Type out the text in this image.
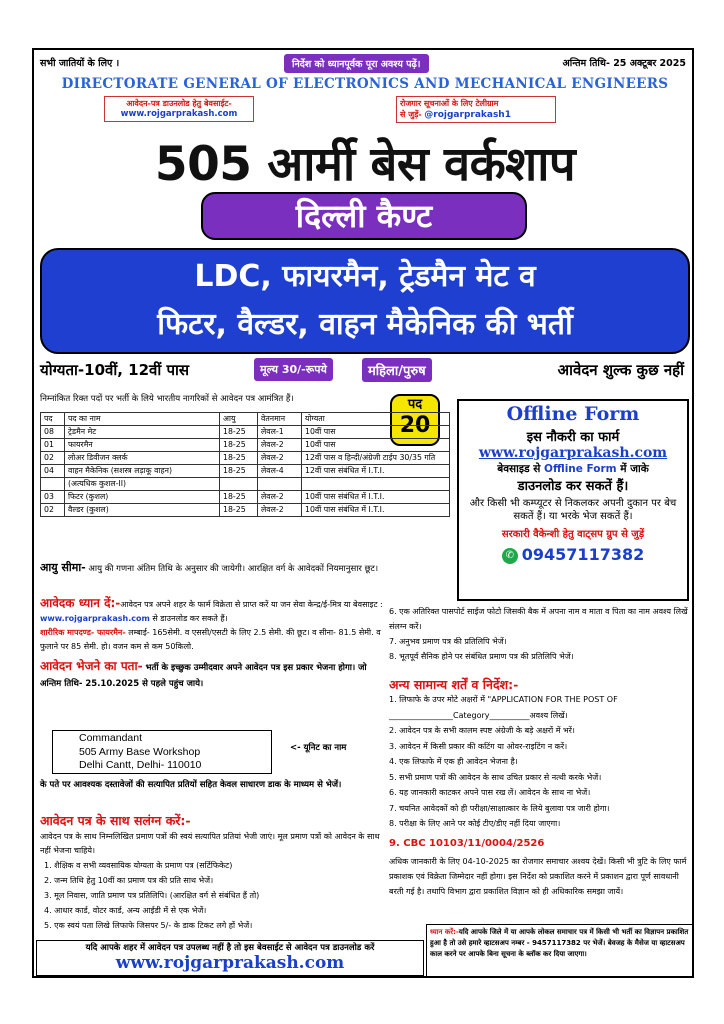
सभी जातियों के लिए ।	निर्देश को ध्यानपूर्वक पूरा अवश्य पढ़ें।	अन्तिम तिथि- 25 अक्टूबर 2025
DIRECTORATE GENERAL OF ELECTRONICS AND MECHANICAL ENGINEERS
आवेदन-पत्र डाउनलोड हेतु बेवसाईट-
www.rojgarprakash.com
रोजगार सूचनाओं के लिए टेलीग्राम
से जुड़ें- @rojgarprakash1
505 आर्मी बेस वर्कशाप
दिल्ली कैण्ट
LDC, फायरमैन, ट्रेडमैन मेट व
फिटर, वैल्डर, वाहन मैकेनिक की भर्ती
योग्यता-10वीं, 12वीं पास	मूल्य 30/-रूपये	महिला/पुरुष	आवेदन शुल्क कुछ नहीं
निम्नांकित रिक्त पदों पर भर्ती के लिये भारतीय नागरिकों से आवेदन पत्र आमंत्रित हैं।	पद
20
पद	पद का नाम	आयु	वेतनमान	योग्यता
08	ट्रेडमैन मेट	18-25	लेवल-1	10वीं पास
01	फायरमैन	18-25	लेवल-2	10वीं पास
02	लोअर डिवीजन क्लर्क	18-25	लेवल-2	12वीं पास व हिन्दी/अंग्रेजी टाईप 30/35 गति
04	वाहन मैकेनिक (सशस्त्र लड़ाकू वाहन)	18-25	लेवल-4	12वीं पास संबंधित में I.T.I.
	(अत्यधिक कुशल-II)			
03	फिटर (कुशल)	18-25	लेवल-2	10वीं पास संबंधित में I.T.I.
02	वैल्डर (कुशल)	18-25	लेवल-2	10वीं पास संबंधित में I.T.I.
Offline Form
इस नौकरी का फार्म
www.rojgarprakash.com
बेवसाइड से Offline Form में जाके
डाउनलोड कर सकतें हैं।
और किसी भी कम्प्यूटर से निकलकर अपनी दुकान पर बेच सकतें हैं। या भरके भेज सकतें हैं।
सरकारी वैकेन्शी हेतु वाट्सप ग्रुप से जुड़ें
✆ 09457117382
आयु सीमा- आयु की गणना अंतिम तिथि के अनुसार की जायेगी। आरक्षित वर्ग के आवेदकों नियमानुसार छूट।
आवेदक ध्यान दें:-आवेदन पत्र अपने शहर के फार्म विक्रेता से प्राप्त करें या जन सेवा केन्द्र/ई-मित्र या बेवसाइट : www.rojgarprakash.com से डाउनलोड कर सकते हैं।
शारीरिक मापदण्ड- फायरमैन- लम्बाई- 165सेमी. व एससी/एसटी के लिए 2.5 सेमी. की छूट। व सीना- 81.5 सेमी. व फुलाने पर 85 सेमी. हो। वजन कम से कम 50किलो.
आवेदन भेजने का पता- भर्ती के इच्छुक उम्मीदवार अपने आवेदन पत्र इस प्रकार भेजना होगा। जो अन्तिम तिथि- 25.10.2025 से पहले पहुंच जाये।
Commandant
505 Army Base Workshop
Delhi Cantt, Delhi- 110010
<- यूनिट का नाम
के पते पर आवश्यक दस्तावेजों की सत्यापित प्रतियों सहित केवल साधारण डाक के माध्यम से भेजें।
आवेदन पत्र के साथ सलंग्न करें:-
आवेदन पत्र के साथ निम्नलिखित प्रमाण पत्रों की स्वयं सत्यापित प्रतियां भेजी जाएं। मूल प्रमाण पत्रों को आवेदन के साथ नहीं भेजना चाहिये।
1. शैक्षिक व सभी व्यवसायिक योग्यता के प्रमाण पत्र (सर्टिफिकेट)
2. जन्म तिथि हेतु 10वीं का प्रमाण पत्र की प्रति साथ भेजें।
3. मूल निवास, जाति प्रमाण पत्र प्रतिलिपि। (आरक्षित वर्ग से संबंधित हैं तो)
4. आधार कार्ड, वोटर कार्ड, अन्य आईडी में से एक भेजें।
5. एक स्वयं पता लिखे लिफाफे जिसपर 5/- के डाक टिकट लगे हों भेजें।
6. एक अतिरिक्त पासपोर्ट साईज फोटो जिसकी बैक में अपना नाम व माता व पिता का नाम अवश्य लिखें संलग्न करें।
7. अनुभव प्रमाण पत्र की प्रतिलिपि भेजें।
8. भूतपूर्व सैनिक होने पर संबंधित प्रमाण पत्र की प्रतिलिपि भेजें।
अन्य सामान्य शर्तें व निर्देश:-
1. लिफाफे के उपर मोटे अक्षरों में "APPLICATION FOR THE POST OF
________________Category__________अवश्य लिखें।
2. आवेदन पत्र के सभी कालम स्पष्ट अंग्रेजी के बड़े अक्षरों में भरें।
3. आवेदन में किसी प्रकार की कटिंग या ओवर-राइटिंग न करें।
4. एक लिफाफे में एक ही आवेदन भेजना है।
5. सभी प्रमाण पत्रों की आवेदन के साथ उचित प्रकार से नत्थी करके भेजें।
6. यह जानकारी काटकर अपने पास रख लें। आवेदन के साथ ना भेजें।
7. चयनित आवेदकों को ही परीक्षा/साक्षात्कार के लिये बुलावा पत्र जारी होगा।
8. परीक्षा के लिए आने पर कोई टीए/डीए नहीं दिया जाएगा।
9. CBC 10103/11/0004/2526
अधिक जानकारी के लिए 04-10-2025 का रोजगार समाचार अश्वय देखें। किसी भी त्रुटि के लिए फार्म प्रकाशक एवं विक्रेता जिम्मेदार नहीं होगा। इस निर्देश को प्रकाशित करने में प्रकाशन द्वारा पूर्ण सावधानी बरती गई है। तथापि विभाग द्वारा प्रकाशित विज्ञान को ही अधिकारिक समझा जायें।
यदि आपके शहर में आवेदन पत्र उपलब्ध नहीं है तो इस बेवसाईट से आवेदन पत्र डाउनलोड करें
www.rojgarprakash.com
ध्यान करें:-यदि आपके जिले में या आपके लोकल समाचार पत्र में किसी भी भर्ती का विज्ञापन प्रकाशित हुआ है तो उसे हमारे व्हाटसअप नम्बर - 9457117382 पर भेजें। बेवजह के मैसेज या व्हाटसअप काल करने पर आपके बिना सूचना के ब्लॉक कर दिया जाएगा।
